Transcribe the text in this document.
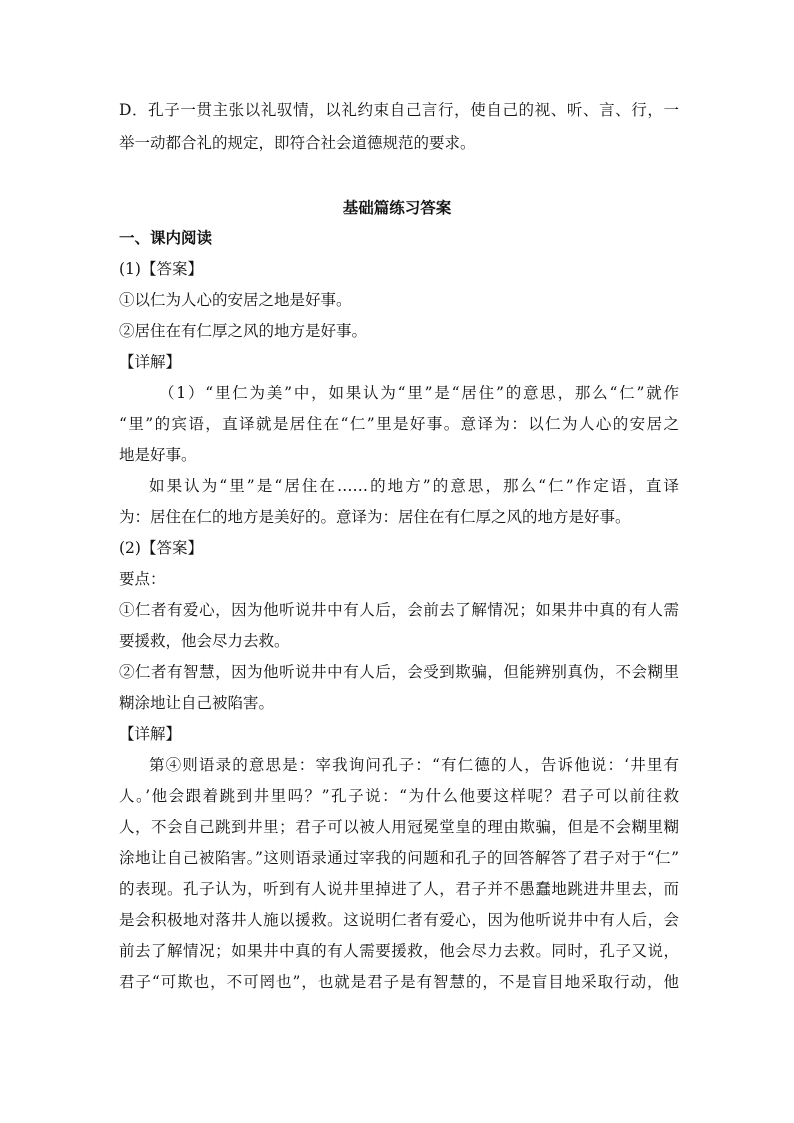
D．孔子一贯主张以礼驭情，以礼约束自己言行，使自己的视、听、言、行，一
举一动都合礼的规定，即符合社会道德规范的要求。
基础篇练习答案
一、课内阅读
(1)【答案】
①以仁为人心的安居之地是好事。
②居住在有仁厚之风的地方是好事。
【详解】
（1）“里仁为美”中，如果认为“里”是“居住”的意思，那么“仁”就作
“里”的宾语，直译就是居住在“仁”里是好事。意译为：以仁为人心的安居之
地是好事。
如果认为“里”是“居住在……的地方”的意思，那么“仁”作定语，直译
为：居住在仁的地方是美好的。意译为：居住在有仁厚之风的地方是好事。
(2)【答案】
要点：
①仁者有爱心，因为他听说井中有人后，会前去了解情况；如果井中真的有人需
要援救，他会尽力去救。
②仁者有智慧，因为他听说井中有人后，会受到欺骗，但能辨别真伪，不会糊里
糊涂地让自己被陷害。
【详解】
第④则语录的意思是：宰我询问孔子：“有仁德的人，告诉他说：‘井里有
人。’他会跟着跳到井里吗？”孔子说：“为什么他要这样呢？君子可以前往救
人，不会自己跳到井里；君子可以被人用冠冕堂皇的理由欺骗，但是不会糊里糊
涂地让自己被陷害。”这则语录通过宰我的问题和孔子的回答解答了君子对于“仁”
的表现。孔子认为，听到有人说井里掉进了人，君子并不愚蠢地跳进井里去，而
是会积极地对落井人施以援救。这说明仁者有爱心，因为他听说井中有人后，会
前去了解情况；如果井中真的有人需要援救，他会尽力去救。同时，孔子又说，
君子“可欺也，不可罔也”，也就是君子是有智慧的，不是盲目地采取行动，他
